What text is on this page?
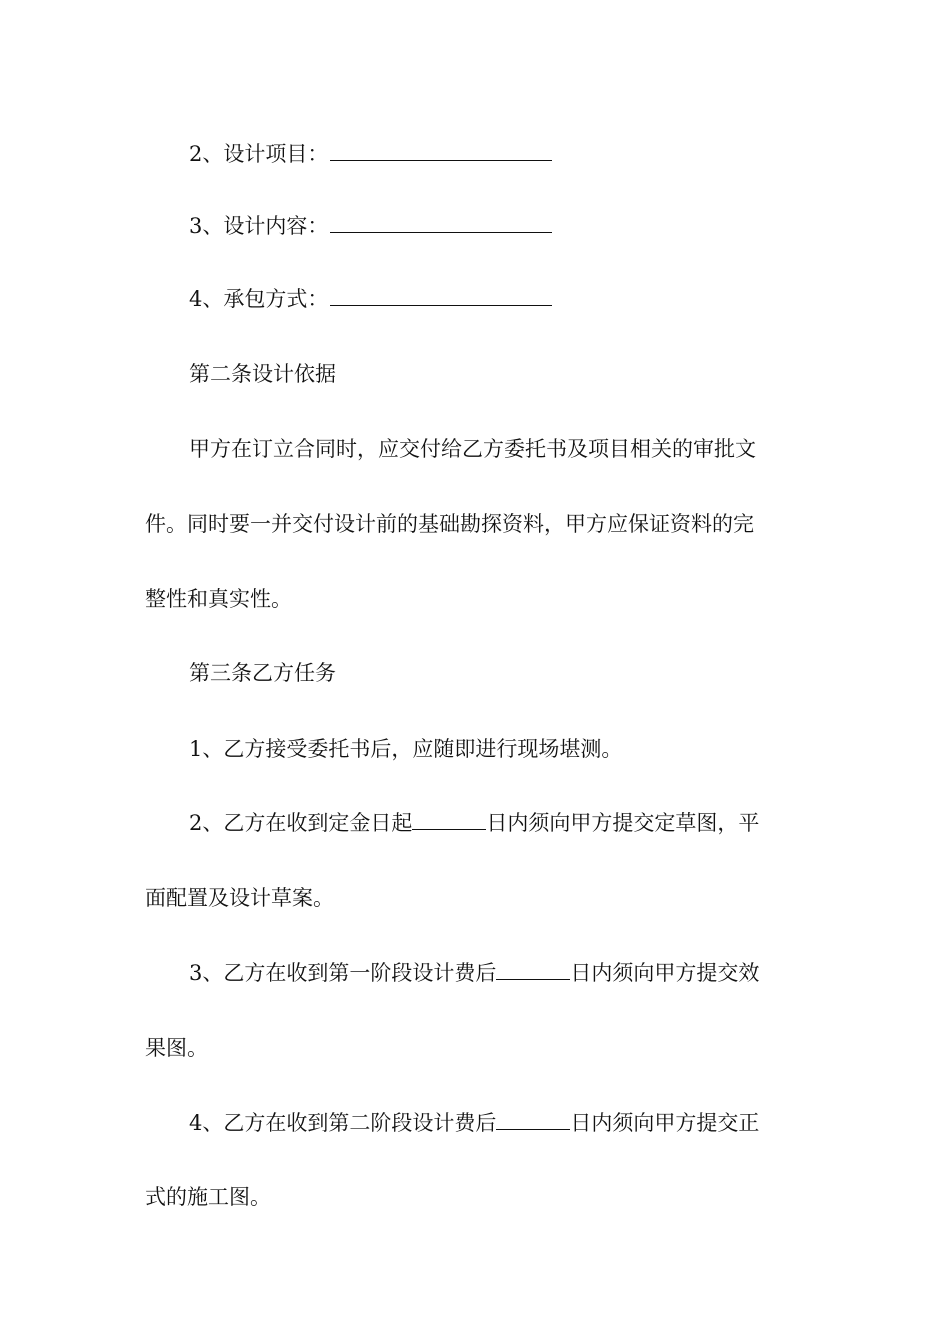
2、设计项目：
3、设计内容：
4、承包方式：
第二条设计依据
甲方在订立合同时，应交付给乙方委托书及项目相关的审批文
件。同时要一并交付设计前的基础勘探资料，甲方应保证资料的完
整性和真实性。
第三条乙方任务
1、乙方接受委托书后，应随即进行现场堪测。
2、乙方在收到定金日起	日内须向甲方提交定草图，平
面配置及设计草案。
3、乙方在收到第一阶段设计费后	日内须向甲方提交效
果图。
4、乙方在收到第二阶段设计费后	日内须向甲方提交正
式的施工图。
